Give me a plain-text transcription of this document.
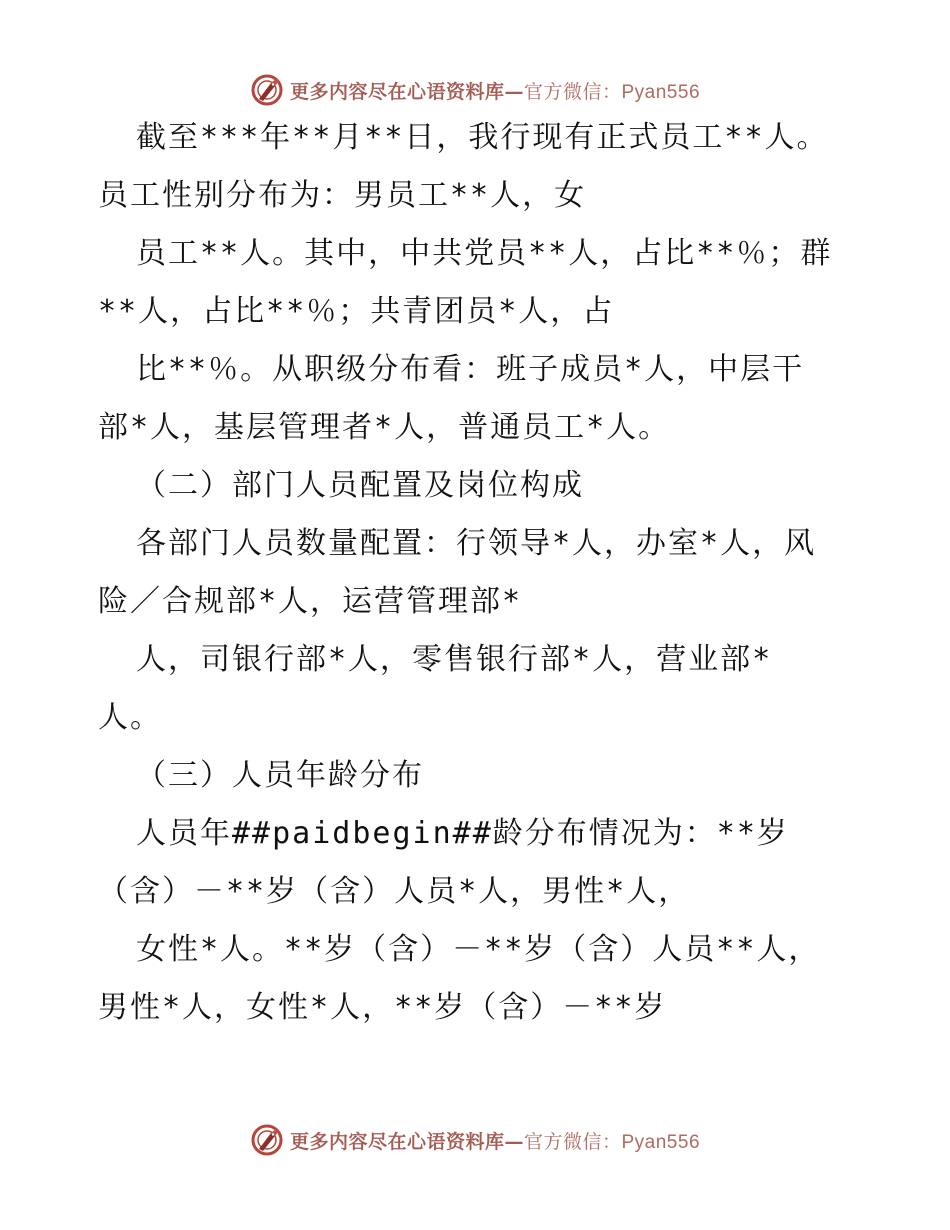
更多内容尽在心语资料库—官方微信：Pyan556
截至***年**月**日，我行现有正式员工**人。
员工性别分布为：男员工**人，女
员工**人。其中，中共党员**人，占比**％；群
**人，占比**％；共青团员*人，占
比**％。从职级分布看：班子成员*人，中层干
部*人，基层管理者*人，普通员工*人。
（二）部门人员配置及岗位构成
各部门人员数量配置：行领导*人，办室*人，风
险／合规部*人，运营管理部*
人，司银行部*人，零售银行部*人，营业部*
人。
（三）人员年龄分布
人员年##paidbegin##龄分布情况为：**岁
（含）－**岁（含）人员*人，男性*人，
女性*人。**岁（含）－**岁（含）人员**人，
男性*人，女性*人，**岁（含）－**岁
更多内容尽在心语资料库—官方微信：Pyan556
